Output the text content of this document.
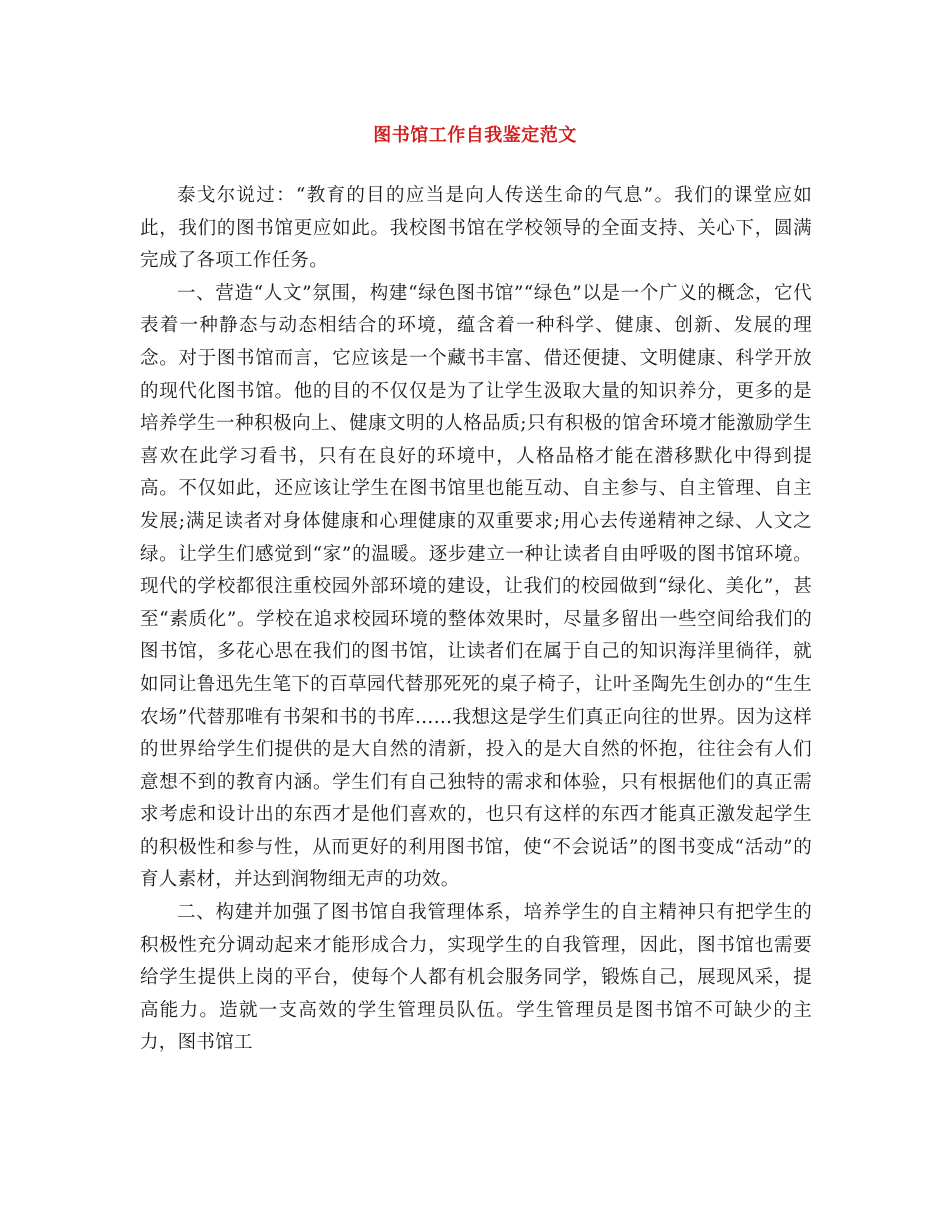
图书馆工作自我鉴定范文

泰戈尔说过：“教育的目的应当是向人传送生命的气息”。我们的课堂应如此，我们的图书馆更应如此。我校图书馆在学校领导的全面支持、关心下，圆满完成了各项工作任务。

一、营造“人文”氛围，构建“绿色图书馆”“绿色”以是一个广义的概念，它代表着一种静态与动态相结合的环境，蕴含着一种科学、健康、创新、发展的理念。对于图书馆而言，它应该是一个藏书丰富、借还便捷、文明健康、科学开放的现代化图书馆。他的目的不仅仅是为了让学生汲取大量的知识养分，更多的是培养学生一种积极向上、健康文明的人格品质;只有积极的馆舍环境才能激励学生喜欢在此学习看书，只有在良好的环境中，人格品格才能在潜移默化中得到提高。不仅如此，还应该让学生在图书馆里也能互动、自主参与、自主管理、自主发展;满足读者对身体健康和心理健康的双重要求;用心去传递精神之绿、人文之绿。让学生们感觉到“家”的温暖。逐步建立一种让读者自由呼吸的图书馆环境。现代的学校都很注重校园外部环境的建设，让我们的校园做到“绿化、美化”，甚至“素质化”。学校在追求校园环境的整体效果时，尽量多留出一些空间给我们的图书馆，多花心思在我们的图书馆，让读者们在属于自己的知识海洋里徜徉，就如同让鲁迅先生笔下的百草园代替那死死的桌子椅子，让叶圣陶先生创办的“生生农场”代替那唯有书架和书的书库……我想这是学生们真正向往的世界。因为这样的世界给学生们提供的是大自然的清新，投入的是大自然的怀抱，往往会有人们意想不到的教育内涵。学生们有自己独特的需求和体验，只有根据他们的真正需求考虑和设计出的东西才是他们喜欢的，也只有这样的东西才能真正激发起学生的积极性和参与性，从而更好的利用图书馆，使“不会说话”的图书变成“活动”的育人素材，并达到润物细无声的功效。

二、构建并加强了图书馆自我管理体系，培养学生的自主精神只有把学生的积极性充分调动起来才能形成合力，实现学生的自我管理，因此，图书馆也需要给学生提供上岗的平台，使每个人都有机会服务同学，锻炼自己，展现风采，提高能力。造就一支高效的学生管理员队伍。学生管理员是图书馆不可缺少的主力，图书馆工
